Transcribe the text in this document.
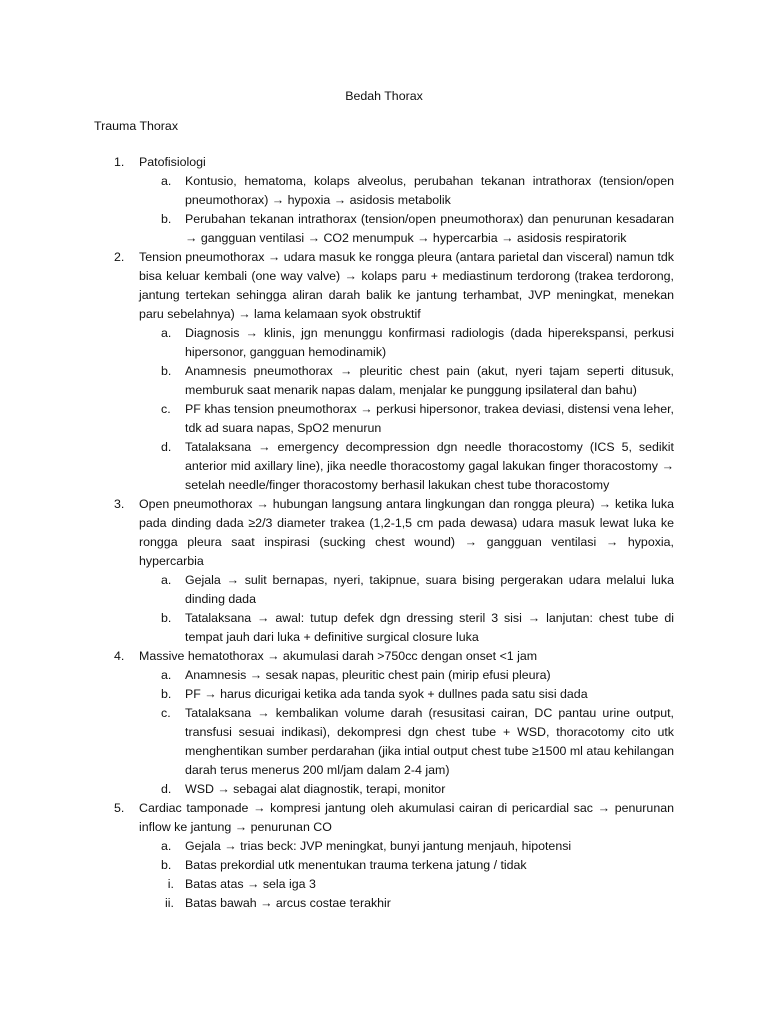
Bedah Thorax
Trauma Thorax
1. Patofisiologi
a. Kontusio, hematoma, kolaps alveolus, perubahan tekanan intrathorax (tension/open pneumothorax) → hypoxia → asidosis metabolik
b. Perubahan tekanan intrathorax (tension/open pneumothorax) dan penurunan kesadaran → gangguan ventilasi → CO2 menumpuk → hypercarbia → asidosis respiratorik
2. Tension pneumothorax → udara masuk ke rongga pleura (antara parietal dan visceral) namun tdk bisa keluar kembali (one way valve) → kolaps paru + mediastinum terdorong (trakea terdorong, jantung tertekan sehingga aliran darah balik ke jantung terhambat, JVP meningkat, menekan paru sebelahnya) → lama kelamaan syok obstruktif
a. Diagnosis → klinis, jgn menunggu konfirmasi radiologis (dada hiperekspansi, perkusi hipersonor, gangguan hemodinamik)
b. Anamnesis pneumothorax → pleuritic chest pain (akut, nyeri tajam seperti ditusuk, memburuk saat menarik napas dalam, menjalar ke punggung ipsilateral dan bahu)
c. PF khas tension pneumothorax → perkusi hipersonor, trakea deviasi, distensi vena leher, tdk ad suara napas, SpO2 menurun
d. Tatalaksana → emergency decompression dgn needle thoracostomy (ICS 5, sedikit anterior mid axillary line), jika needle thoracostomy gagal lakukan finger thoracostomy → setelah needle/finger thoracostomy berhasil lakukan chest tube thoracostomy
3. Open pneumothorax → hubungan langsung antara lingkungan dan rongga pleura) → ketika luka pada dinding dada ≥2/3 diameter trakea (1,2-1,5 cm pada dewasa) udara masuk lewat luka ke rongga pleura saat inspirasi (sucking chest wound) → gangguan ventilasi → hypoxia, hypercarbia
a. Gejala → sulit bernapas, nyeri, takipnue, suara bising pergerakan udara melalui luka dinding dada
b. Tatalaksana → awal: tutup defek dgn dressing steril 3 sisi → lanjutan: chest tube di tempat jauh dari luka + definitive surgical closure luka
4. Massive hematothorax → akumulasi darah >750cc dengan onset <1 jam
a. Anamnesis → sesak napas, pleuritic chest pain (mirip efusi pleura)
b. PF → harus dicurigai ketika ada tanda syok + dullnes pada satu sisi dada
c. Tatalaksana → kembalikan volume darah (resusitasi cairan, DC pantau urine output, transfusi sesuai indikasi), dekompresi dgn chest tube + WSD, thoracotomy cito utk menghentikan sumber perdarahan (jika intial output chest tube ≥1500 ml atau kehilangan darah terus menerus 200 ml/jam dalam 2-4 jam)
d. WSD → sebagai alat diagnostik, terapi, monitor
5. Cardiac tamponade → kompresi jantung oleh akumulasi cairan di pericardial sac → penurunan inflow ke jantung → penurunan CO
a. Gejala → trias beck: JVP meningkat, bunyi jantung menjauh, hipotensi
b. Batas prekordial utk menentukan trauma terkena jatung / tidak
i. Batas atas → sela iga 3
ii. Batas bawah → arcus costae terakhir
